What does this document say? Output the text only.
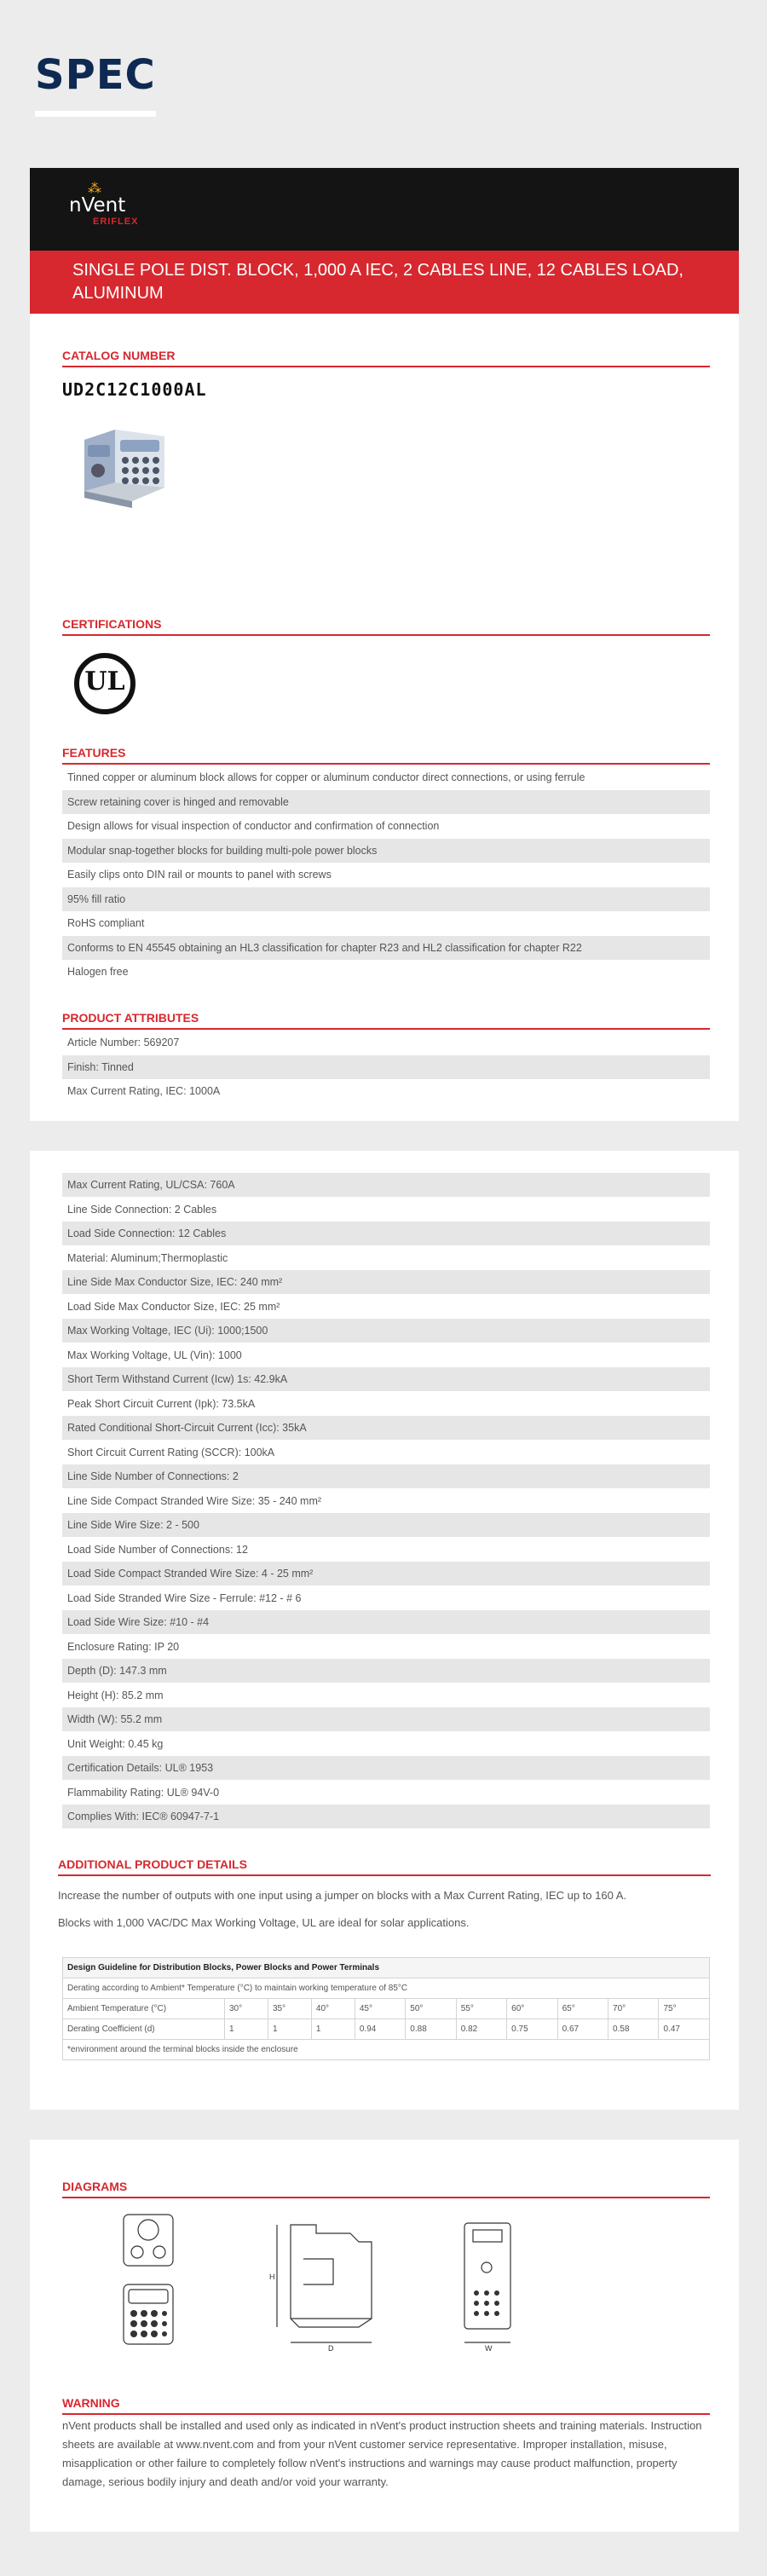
SPEC
⁂
nVent
ERIFLEX
SINGLE POLE DIST. BLOCK, 1,000 A IEC, 2 CABLES LINE, 12 CABLES LOAD, ALUMINUM
CATALOG NUMBER
UD2C12C1000AL
CERTIFICATIONS
UL
FEATURES
Tinned copper or aluminum block allows for copper or aluminum conductor direct connections, or using ferrule
Screw retaining cover is hinged and removable
Design allows for visual inspection of conductor and confirmation of connection
Modular snap-together blocks for building multi-pole power blocks
Easily clips onto DIN rail or mounts to panel with screws
95% fill ratio
RoHS compliant
Conforms to EN 45545 obtaining an HL3 classification for chapter R23 and HL2 classification for chapter R22
Halogen free
PRODUCT ATTRIBUTES
Article Number: 569207
Finish: Tinned
Max Current Rating, IEC: 1000A
Max Current Rating, UL/CSA: 760A
Line Side Connection: 2 Cables
Load Side Connection: 12 Cables
Material: Aluminum;Thermoplastic
Line Side Max Conductor Size, IEC: 240 mm²
Load Side Max Conductor Size, IEC: 25 mm²
Max Working Voltage, IEC (Ui): 1000;1500
Max Working Voltage, UL (Vin): 1000
Short Term Withstand Current (Icw) 1s: 42.9kA
Peak Short Circuit Current (Ipk): 73.5kA
Rated Conditional Short-Circuit Current (Icc): 35kA
Short Circuit Current Rating (SCCR): 100kA
Line Side Number of Connections: 2
Line Side Compact Stranded Wire Size: 35 - 240 mm²
Line Side Wire Size: 2 - 500
Load Side Number of Connections: 12
Load Side Compact Stranded Wire Size: 4 - 25 mm²
Load Side Stranded Wire Size - Ferrule: #12 - # 6
Load Side Wire Size: #10 - #4
Enclosure Rating: IP 20
Depth (D): 147.3 mm
Height (H): 85.2 mm
Width (W): 55.2 mm
Unit Weight: 0.45 kg
Certification Details: UL® 1953
Flammability Rating: UL® 94V-0
Complies With: IEC® 60947-7-1
ADDITIONAL PRODUCT DETAILS
Increase the number of outputs with one input using a jumper on blocks with a Max Current Rating, IEC up to 160 A.
Blocks with 1,000 VAC/DC Max Working Voltage, UL are ideal for solar applications.
Design Guideline for Distribution Blocks, Power Blocks and Power Terminals										
Derating according to Ambient* Temperature (°C) to maintain working temperature of 85°C										
Ambient Temperature (°C)	30°	35°	40°	45°	50°	55°	60°	65°	70°	75°
Derating Coefficient (d)	1	1	1	0.94	0.88	0.82	0.75	0.67	0.58	0.47
*environment around the terminal blocks inside the enclosure										
DIAGRAMS
H
D	W
WARNING
nVent products shall be installed and used only as indicated in nVent's product instruction sheets and training materials. Instruction sheets are available at www.nvent.com and from your nVent customer service representative. Improper installation, misuse, misapplication or other failure to completely follow nVent's instructions and warnings may cause product malfunction, property damage, serious bodily injury and death and/or void your warranty.
